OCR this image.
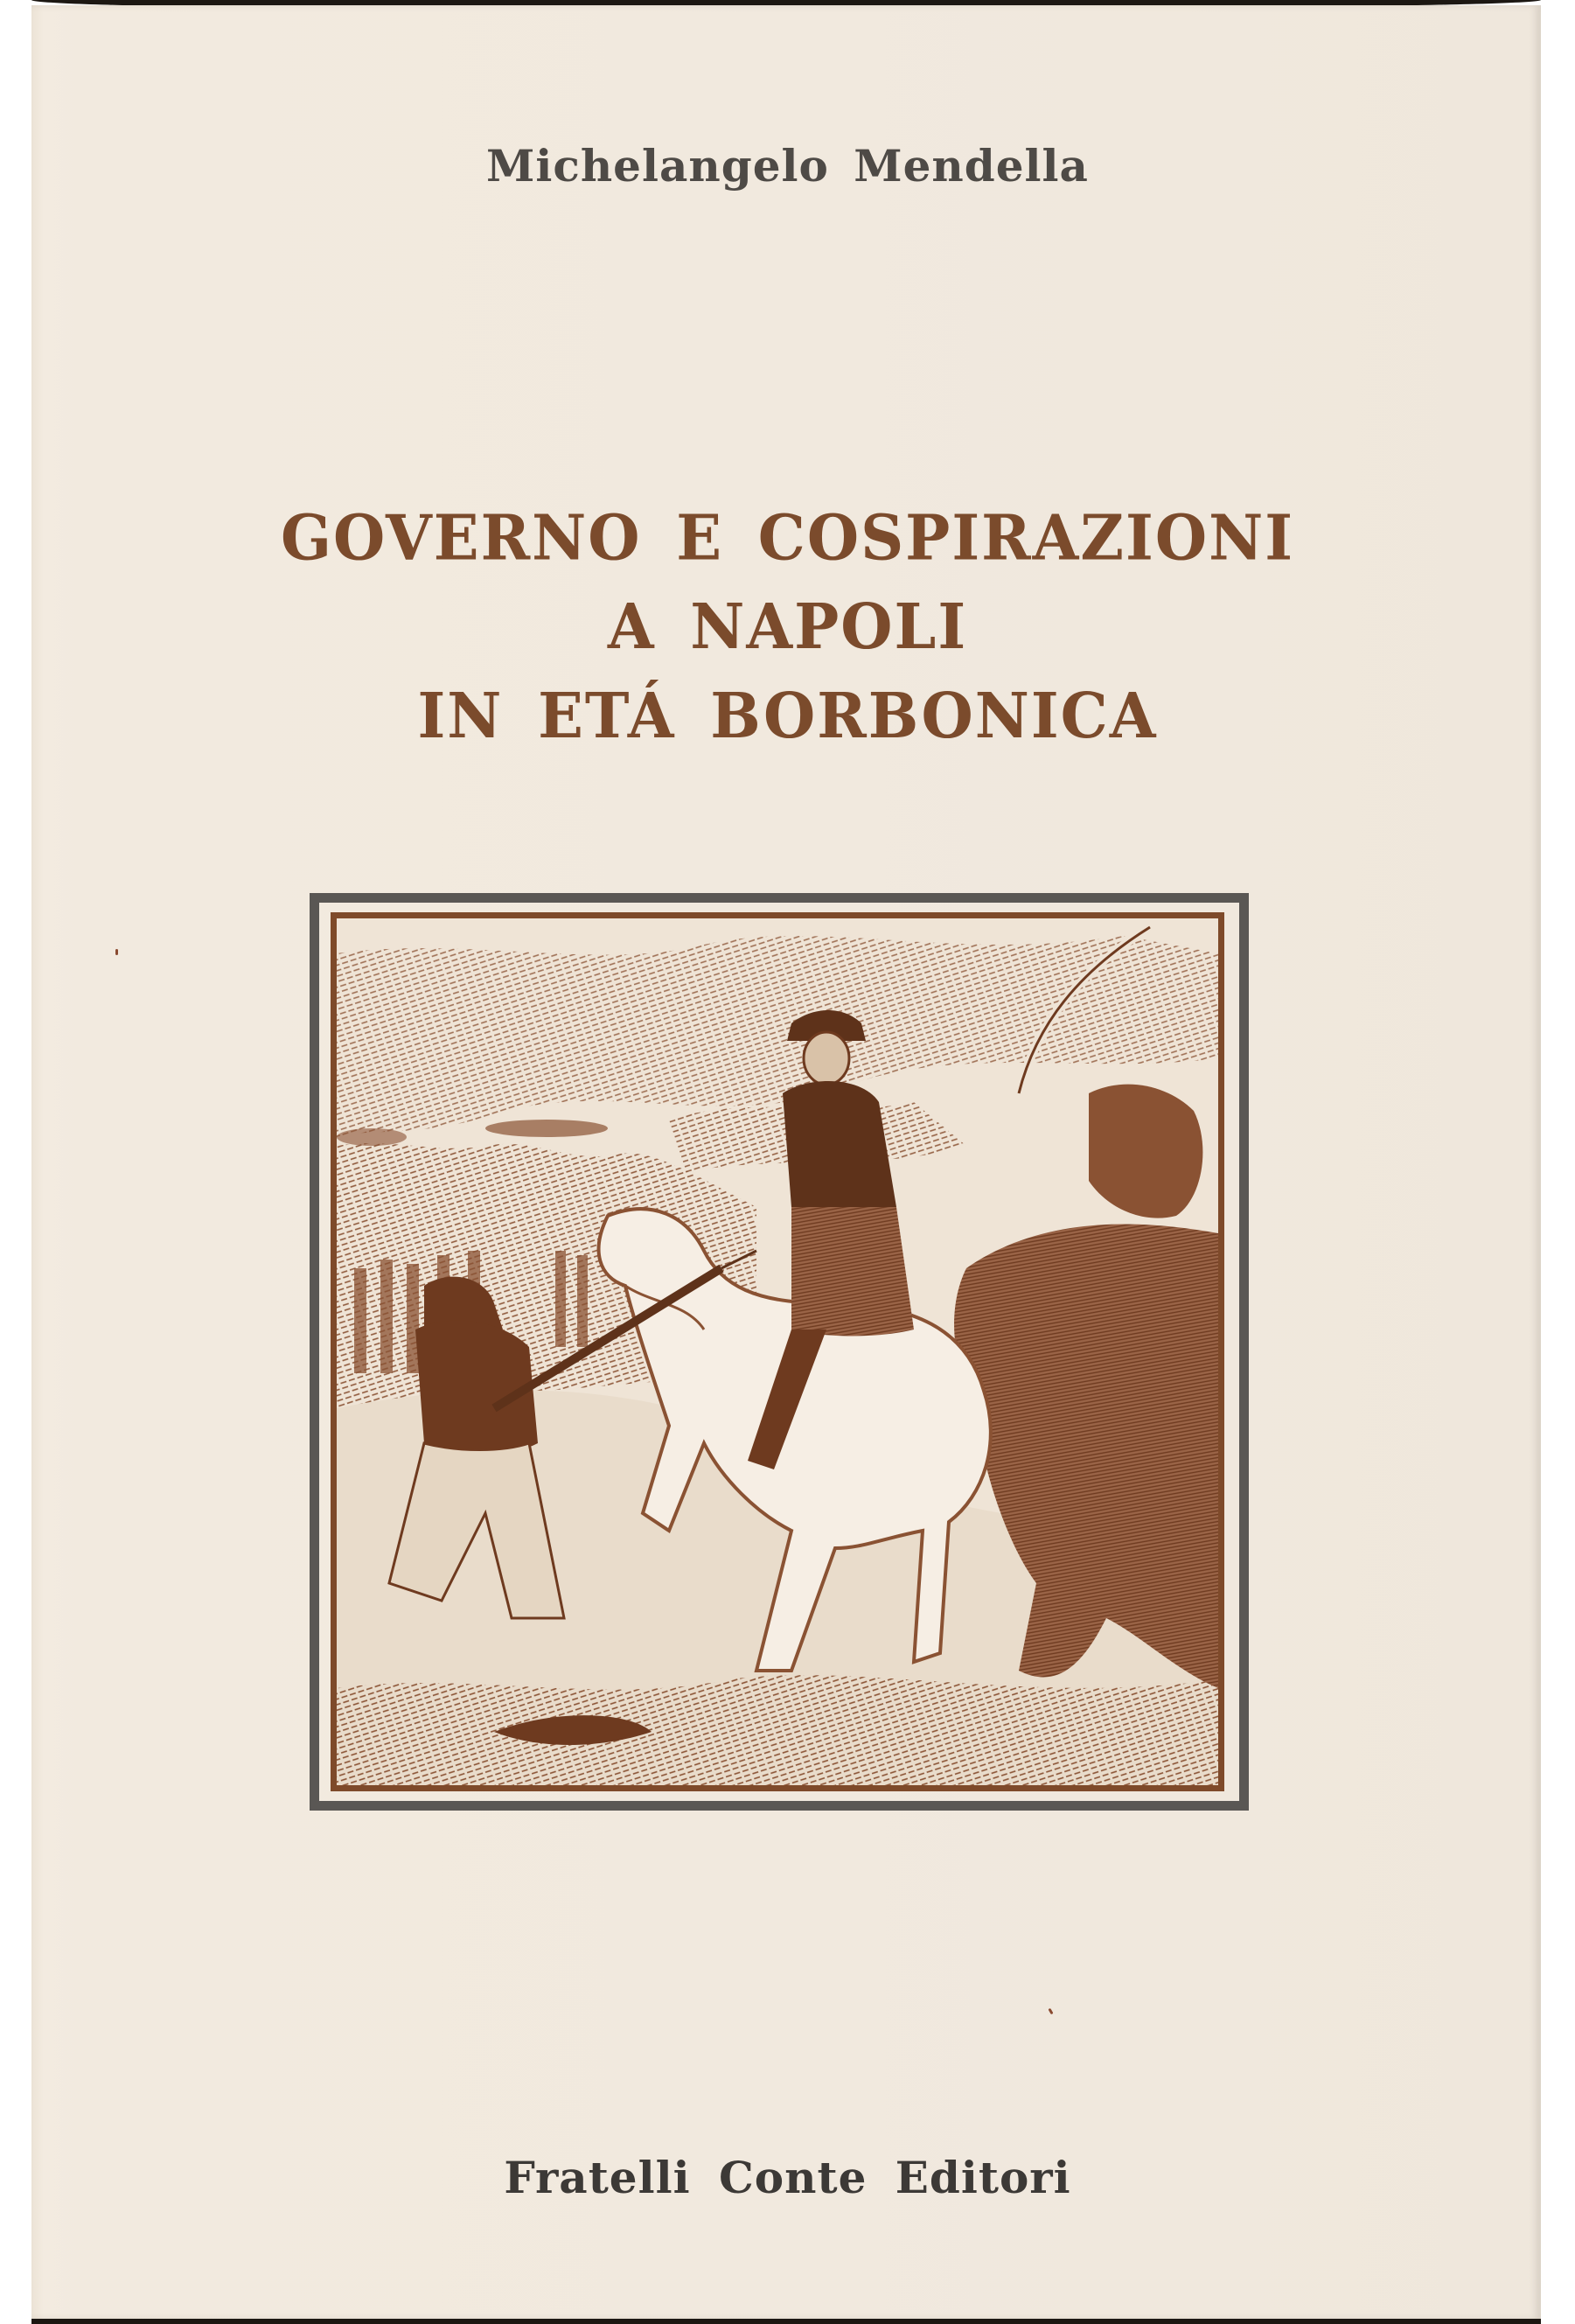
Michelangelo Mendella
GOVERNO E COSPIRAZIONI
A NAPOLI
IN ETÁ BORBONICA
Fratelli Conte Editori
